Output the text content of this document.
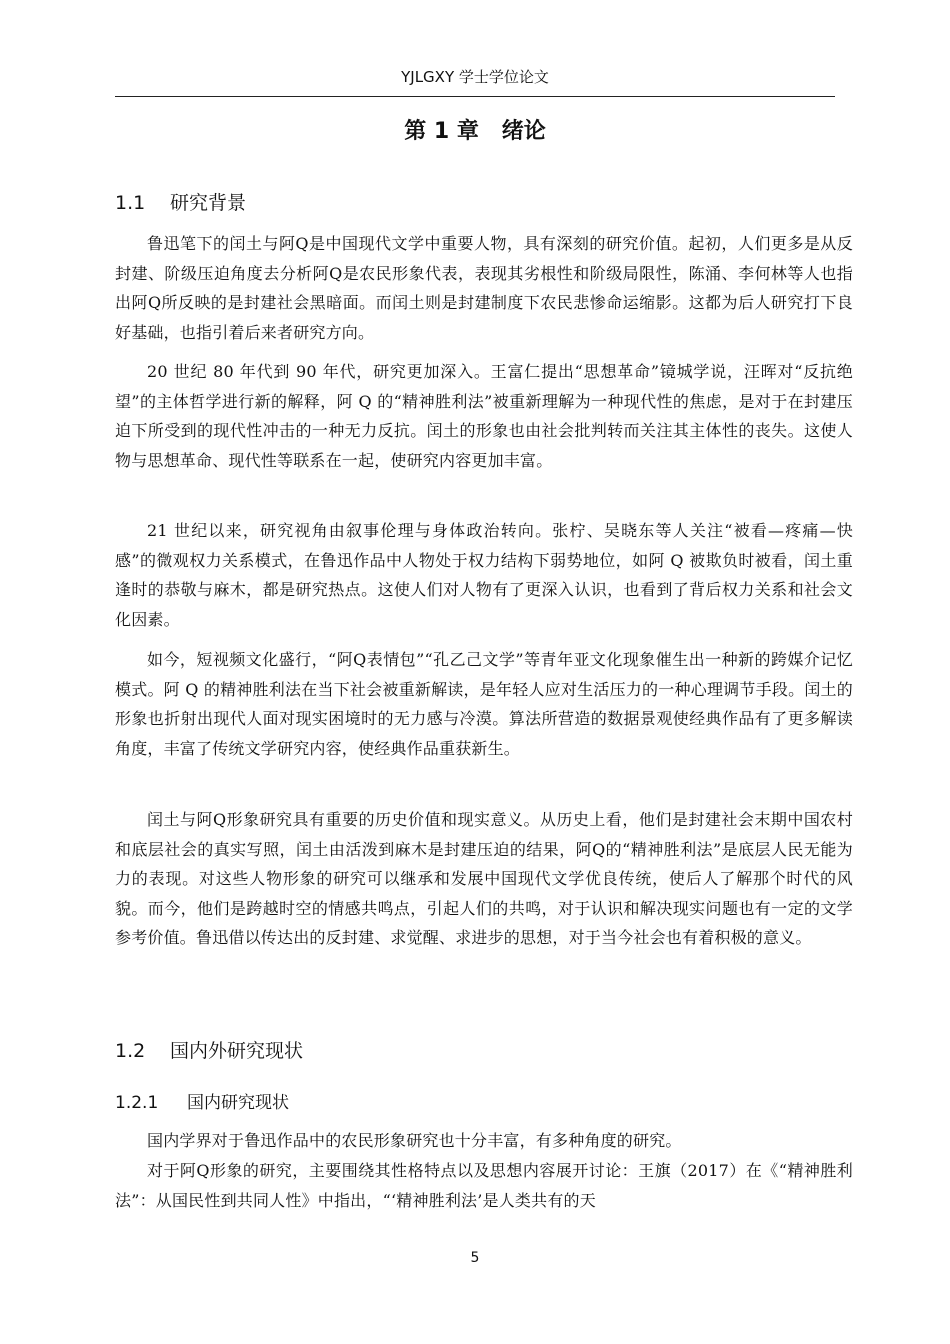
YJLGXY 学士学位论文
第 1 章   绪论
1.1 研究背景
鲁迅笔下的闰土与阿Q是中国现代文学中重要人物，具有深刻的研究价值。起初，人们更多是从反封建、阶级压迫角度去分析阿Q是农民形象代表，表现其劣根性和阶级局限性，陈涌、李何林等人也指出阿Q所反映的是封建社会黑暗面。而闰土则是封建制度下农民悲惨命运缩影。这都为后人研究打下良好基础，也指引着后来者研究方向。
20 世纪 80 年代到 90 年代，研究更加深入。王富仁提出“思想革命”镜城学说，汪晖对“反抗绝望”的主体哲学进行新的解释，阿 Q 的“精神胜利法”被重新理解为一种现代性的焦虑，是对于在封建压迫下所受到的现代性冲击的一种无力反抗。闰土的形象也由社会批判转而关注其主体性的丧失。这使人物与思想革命、现代性等联系在一起，使研究内容更加丰富。
21 世纪以来，研究视角由叙事伦理与身体政治转向。张柠、吴晓东等人关注“被看—疼痛—快感”的微观权力关系模式，在鲁迅作品中人物处于权力结构下弱势地位，如阿 Q 被欺负时被看，闰土重逢时的恭敬与麻木，都是研究热点。这使人们对人物有了更深入认识，也看到了背后权力关系和社会文化因素。
如今，短视频文化盛行，“阿Q表情包”“孔乙己文学”等青年亚文化现象催生出一种新的跨媒介记忆模式。阿 Q 的精神胜利法在当下社会被重新解读，是年轻人应对生活压力的一种心理调节手段。闰土的形象也折射出现代人面对现实困境时的无力感与冷漠。算法所营造的数据景观使经典作品有了更多解读角度，丰富了传统文学研究内容，使经典作品重获新生。
闰土与阿Q形象研究具有重要的历史价值和现实意义。从历史上看，他们是封建社会末期中国农村和底层社会的真实写照，闰土由活泼到麻木是封建压迫的结果，阿Q的“精神胜利法”是底层人民无能为力的表现。对这些人物形象的研究可以继承和发展中国现代文学优良传统，使后人了解那个时代的风貌。而今，他们是跨越时空的情感共鸣点，引起人们的共鸣，对于认识和解决现实问题也有一定的文学参考价值。鲁迅借以传达出的反封建、求觉醒、求进步的思想，对于当今社会也有着积极的意义。
1.2 国内外研究现状
1.2.1 国内研究现状
国内学界对于鲁迅作品中的农民形象研究也十分丰富，有多种角度的研究。
对于阿Q形象的研究，主要围绕其性格特点以及思想内容展开讨论：王旗（2017）在《“精神胜利法”：从国民性到共同人性》中指出，“‘精神胜利法’是人类共有的天
5
